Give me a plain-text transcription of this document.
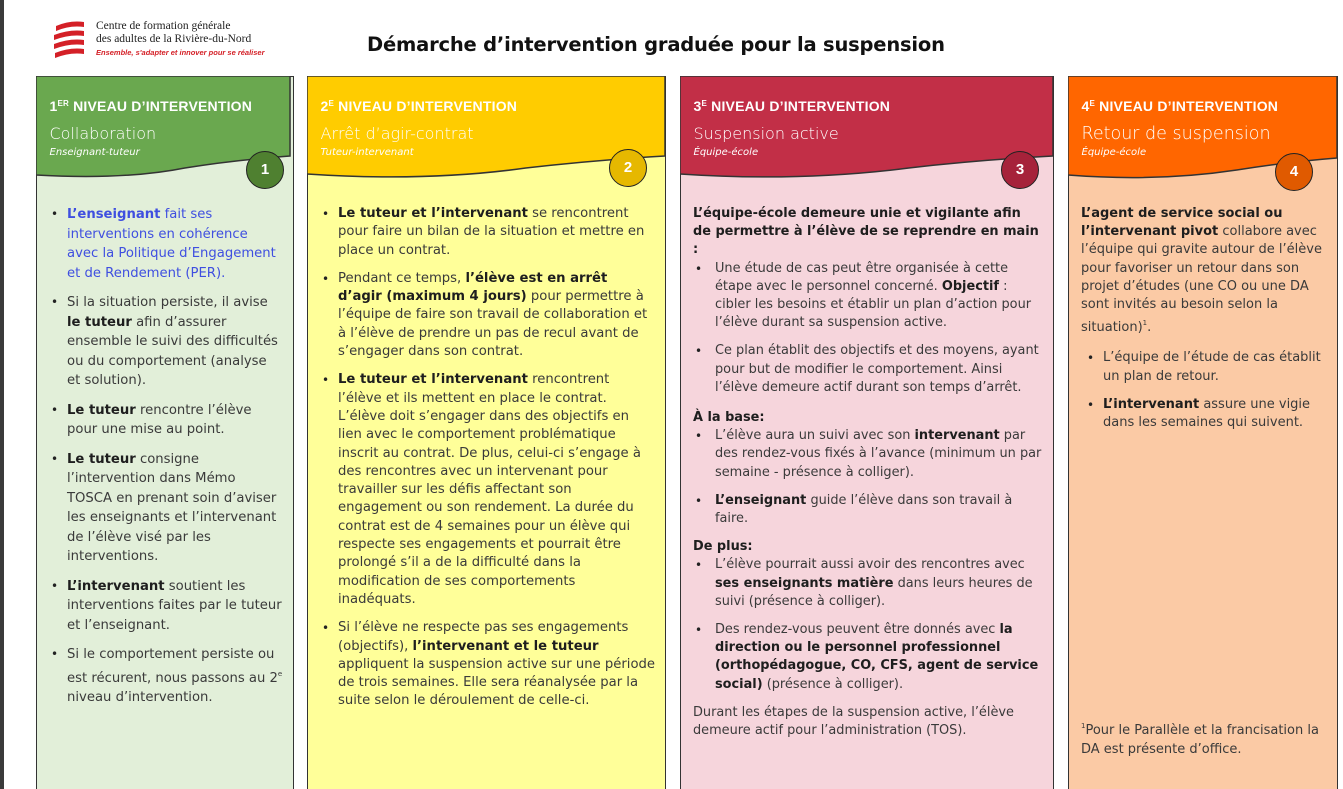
Centre de formation générale
des adultes de la Rivière-du-Nord
Ensemble, s'adapter et innover pour se réaliser	Démarche d’intervention graduée pour la suspension
1ER NIVEAU D’INTERVENTION
Collaboration
Enseignant-tuteur
1
• L’enseignant fait ses interventions en cohérence avec la Politique d’Engagement et de Rendement (PER).
• Si la situation persiste, il avise le tuteur afin d’assurer ensemble le suivi des difficultés ou du comportement (analyse et solution).
• Le tuteur rencontre l’élève pour une mise au point.
• Le tuteur consigne l’intervention dans Mémo TOSCA en prenant soin d’aviser les enseignants et l’intervenant de l’élève visé par les interventions.
• L’intervenant soutient les interventions faites par le tuteur et l’enseignant.
• Si le comportement persiste ou est récurent, nous passons au 2e niveau d’intervention.
$2^E$ NIVEAU D’INTERVENTION
Arrêt d’agir-contrat
Tuteur-intervenant
2
• Le tuteur et l’intervenant se rencontrent pour faire un bilan de la situation et mettre en place un contrat.
• Pendant ce temps, l’élève est en arrêt d’agir (maximum 4 jours) pour permettre à l’équipe de faire son travail de collaboration et à l’élève de prendre un pas de recul avant de s’engager dans son contrat.
• Le tuteur et l’intervenant rencontrent l’élève et ils mettent en place le contrat. L’élève doit s’engager dans des objectifs en lien avec le comportement problématique inscrit au contrat. De plus, celui-ci s’engage à des rencontres avec un intervenant pour travailler sur les défis affectant son engagement ou son rendement. La durée du contrat est de 4 semaines pour un élève qui respecte ses engagements et pourrait être prolongé s’il a de la difficulté dans la modification de ses comportements inadéquats.
• Si l’élève ne respecte pas ses engagements (objectifs), l’intervenant et le tuteur appliquent la suspension active sur une période de trois semaines. Elle sera réanalysée par la suite selon le déroulement de celle-ci.
$3^E$ NIVEAU D’INTERVENTION
Suspension active
Équipe-école
3

L’équipe-école demeure unie et vigilante afin de permettre à l’élève de se reprendre en main :

• Une étude de cas peut être organisée à cette étape avec le personnel concerné. Objectif : cibler les besoins et établir un plan d’action pour l’élève durant sa suspension active.
• Ce plan établit des objectifs et des moyens, ayant pour but de modifier le comportement. Ainsi l’élève demeure actif durant son temps d’arrêt.

À la base:

• L’élève aura un suivi avec son intervenant par des rendez-vous fixés à l’avance (minimum un par semaine - présence à colliger).
• L’enseignant guide l’élève dans son travail à faire.

De plus:

• L’élève pourrait aussi avoir des rencontres avec ses enseignants matière dans leurs heures de suivi (présence à colliger).
• Des rendez-vous peuvent être donnés avec la direction ou le personnel professionnel (orthopédagogue, CO, CFS, agent de service social) (présence à colliger).

Durant les étapes de la suspension active, l’élève demeure actif pour l’administration (TOS).

$4^E$ NIVEAU D’INTERVENTION
Retour de suspension
Équipe-école
4

L’agent de service social ou l’intervenant pivot collabore avec l’équipe qui gravite autour de l’élève pour favoriser un retour dans son projet d’études (une CO ou une DA sont invités au besoin selon la situation)$^1$.

• L’équipe de l’étude de cas établit un plan de retour.
• L’intervenant assure une vigie dans les semaines qui suivent.
$^1$Pour le Parallèle et la francisation la DA est présente d’office.
